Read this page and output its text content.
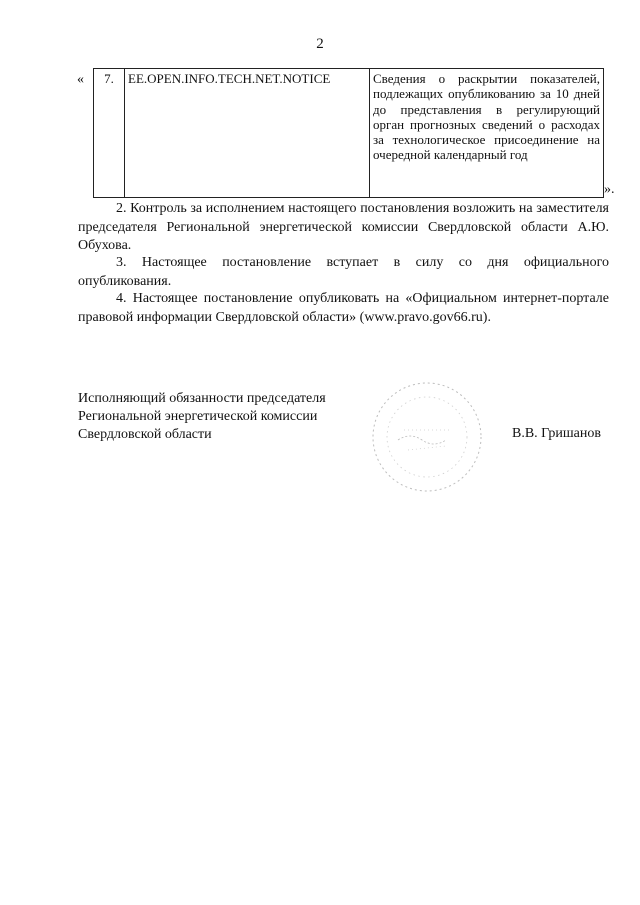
2
« 7.	EE.OPEN.INFO.TECH.NET.NOTICE	Сведения о раскрытии показателей, подлежащих опубликованию за 10 дней до представления в регулирующий орган прогнозных сведений о расходах за технологическое присоединение на очередной календарный год
».
2. Контроль за исполнением настоящего постановления возложить на заместителя председателя Региональной энергетической комиссии Свердловской области А.Ю. Обухова.
3. Настоящее постановление вступает в силу со дня официального опубликования.
4. Настоящее постановление опубликовать на «Официальном интернет-портале правовой информации Свердловской области» (www.pravo.gov66.ru).
Исполняющий обязанности председателя
Региональной энергетической комиссии
Свердловской области	В.В. Гришанов
